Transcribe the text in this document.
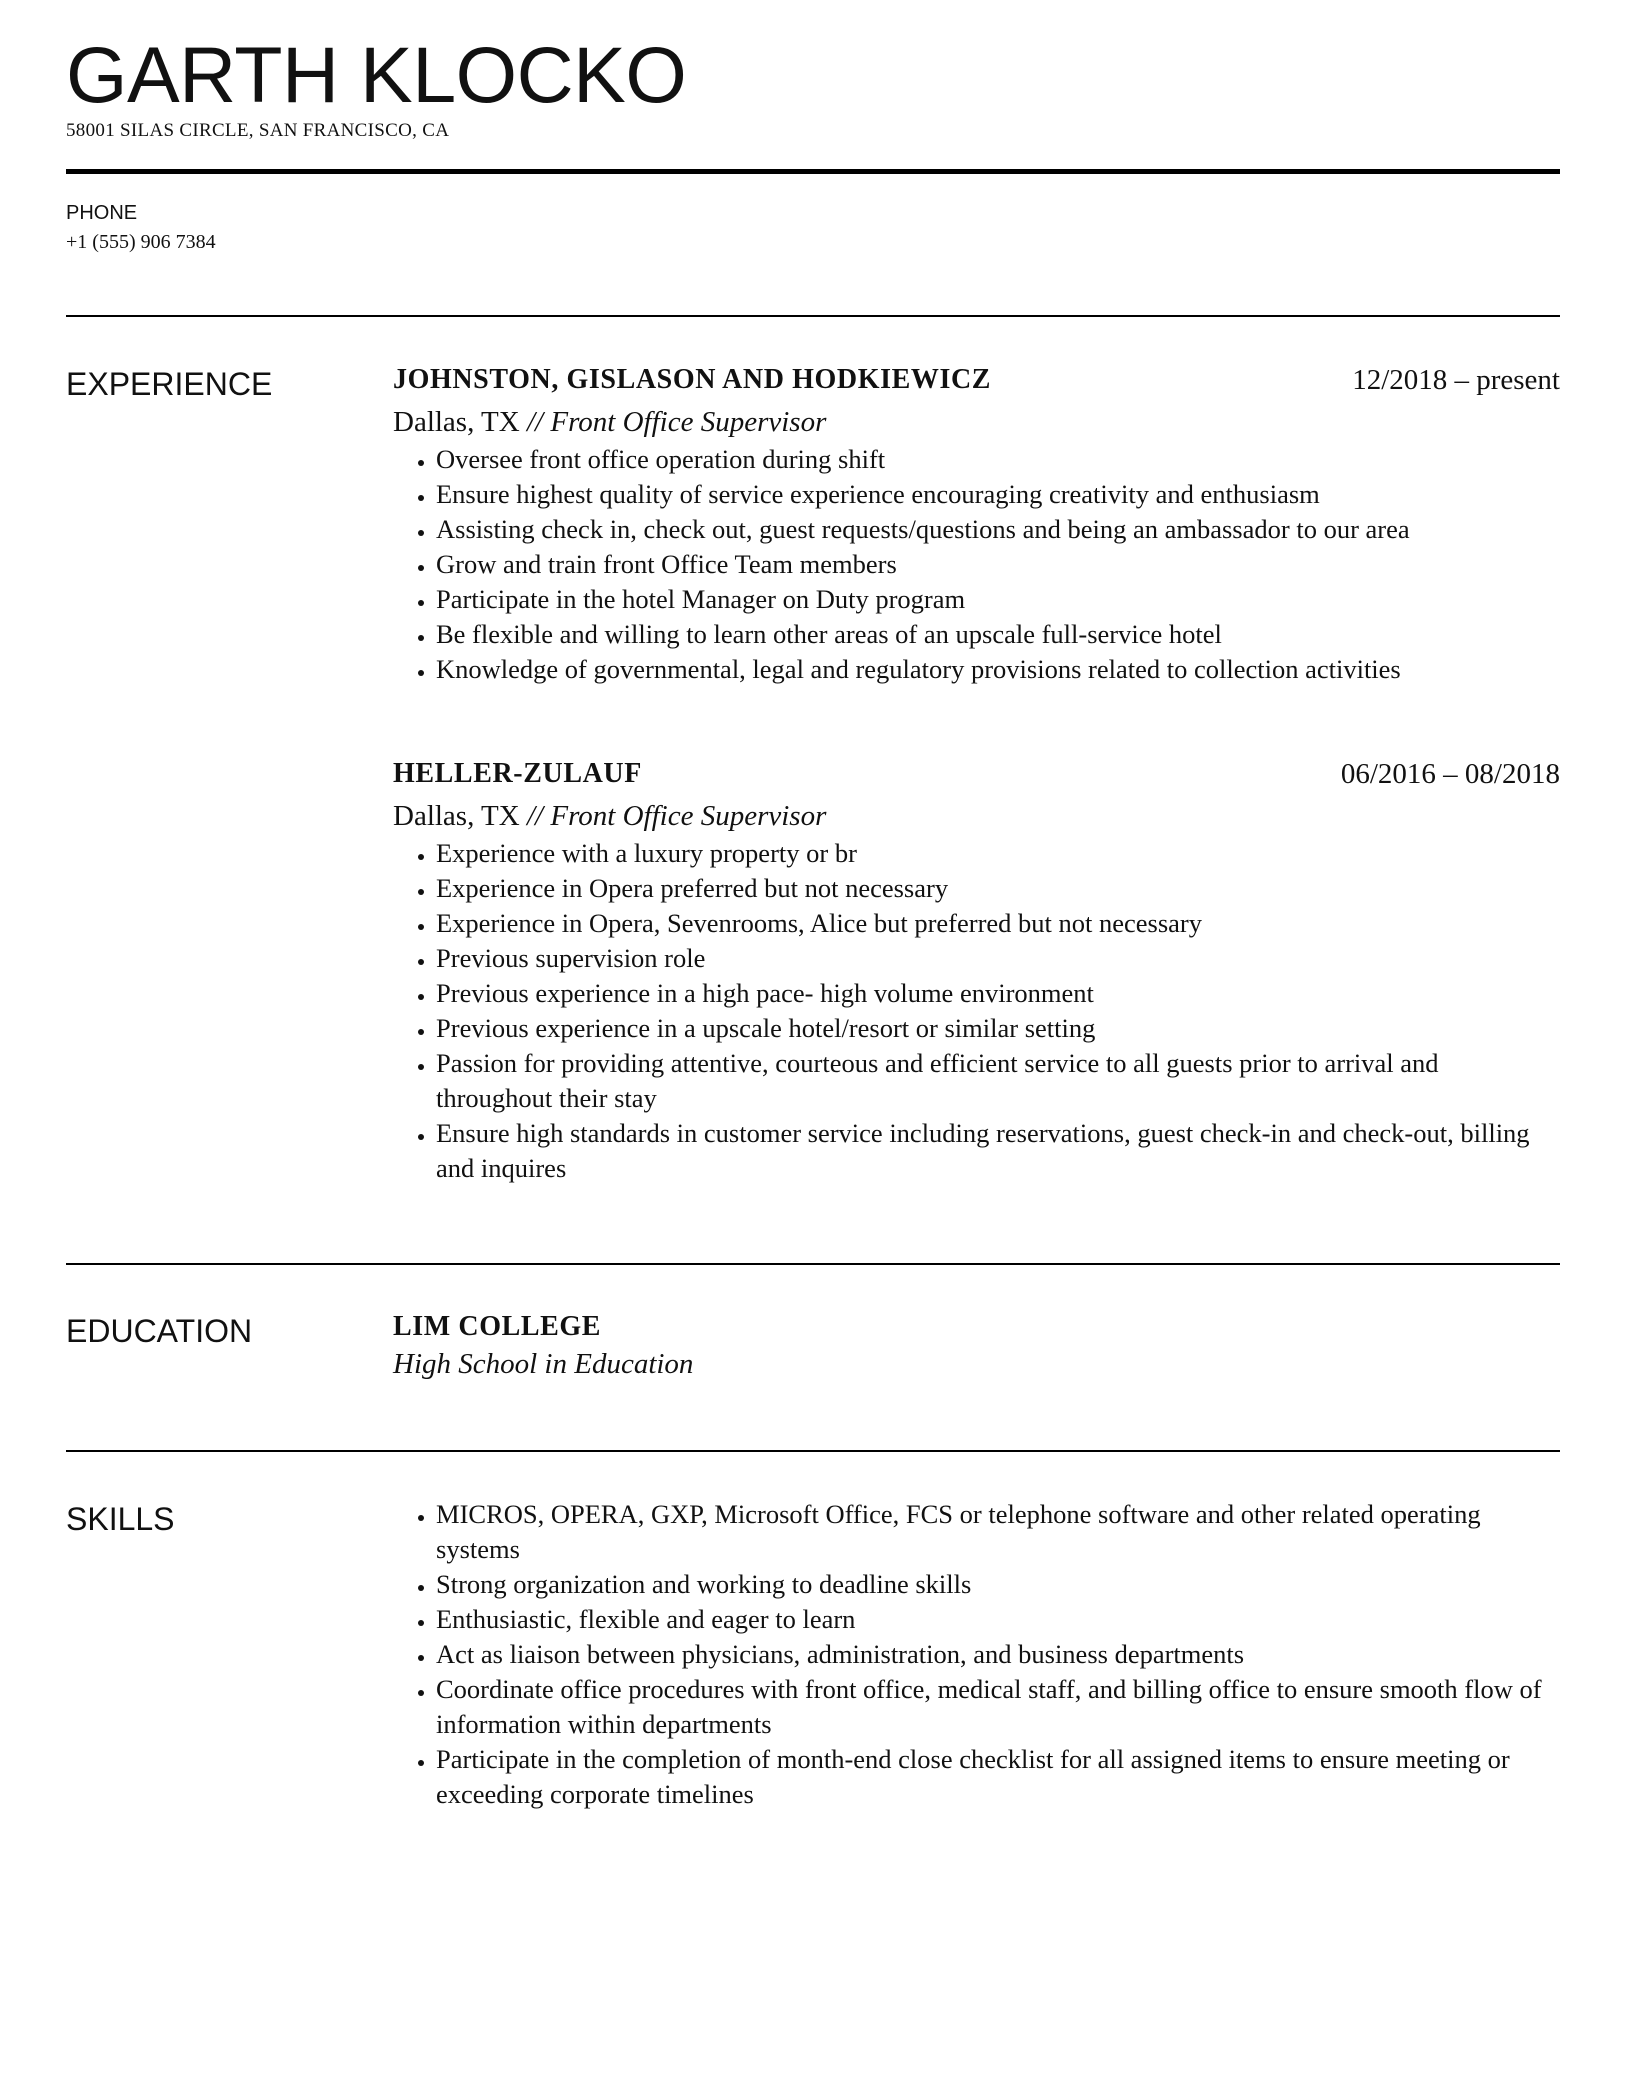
GARTH KLOCKO
58001 SILAS CIRCLE, SAN FRANCISCO, CA
PHONE
+1 (555) 906 7384
EXPERIENCE	JOHNSTON, GISLASON AND HODKIEWICZ	12/2018 – present
Dallas, TX // Front Office Supervisor
• Oversee front office operation during shift
• Ensure highest quality of service experience encouraging creativity and enthusiasm
• Assisting check in, check out, guest requests/questions and being an ambassador to our area
• Grow and train front Office Team members
• Participate in the hotel Manager on Duty program
• Be flexible and willing to learn other areas of an upscale full-service hotel
• Knowledge of governmental, legal and regulatory provisions related to collection activities
HELLER-ZULAUF	06/2016 – 08/2018
Dallas, TX // Front Office Supervisor
• Experience with a luxury property or br
• Experience in Opera preferred but not necessary
• Experience in Opera, Sevenrooms, Alice but preferred but not necessary
• Previous supervision role
• Previous experience in a high pace- high volume environment
• Previous experience in a upscale hotel/resort or similar setting
• Passion for providing attentive, courteous and efficient service to all guests prior to arrival and throughout their stay
• Ensure high standards in customer service including reservations, guest check-in and check-out, billing and inquires
EDUCATION	LIM COLLEGE
High School in Education
SKILLS
•	MICROS, OPERA, GXP, Microsoft Office, FCS or telephone software and other related operating systems
• Strong organization and working to deadline skills
• Enthusiastic, flexible and eager to learn
• Act as liaison between physicians, administration, and business departments
• Coordinate office procedures with front office, medical staff, and billing office to ensure smooth flow of information within departments
• Participate in the completion of month-end close checklist for all assigned items to ensure meeting or exceeding corporate timelines
